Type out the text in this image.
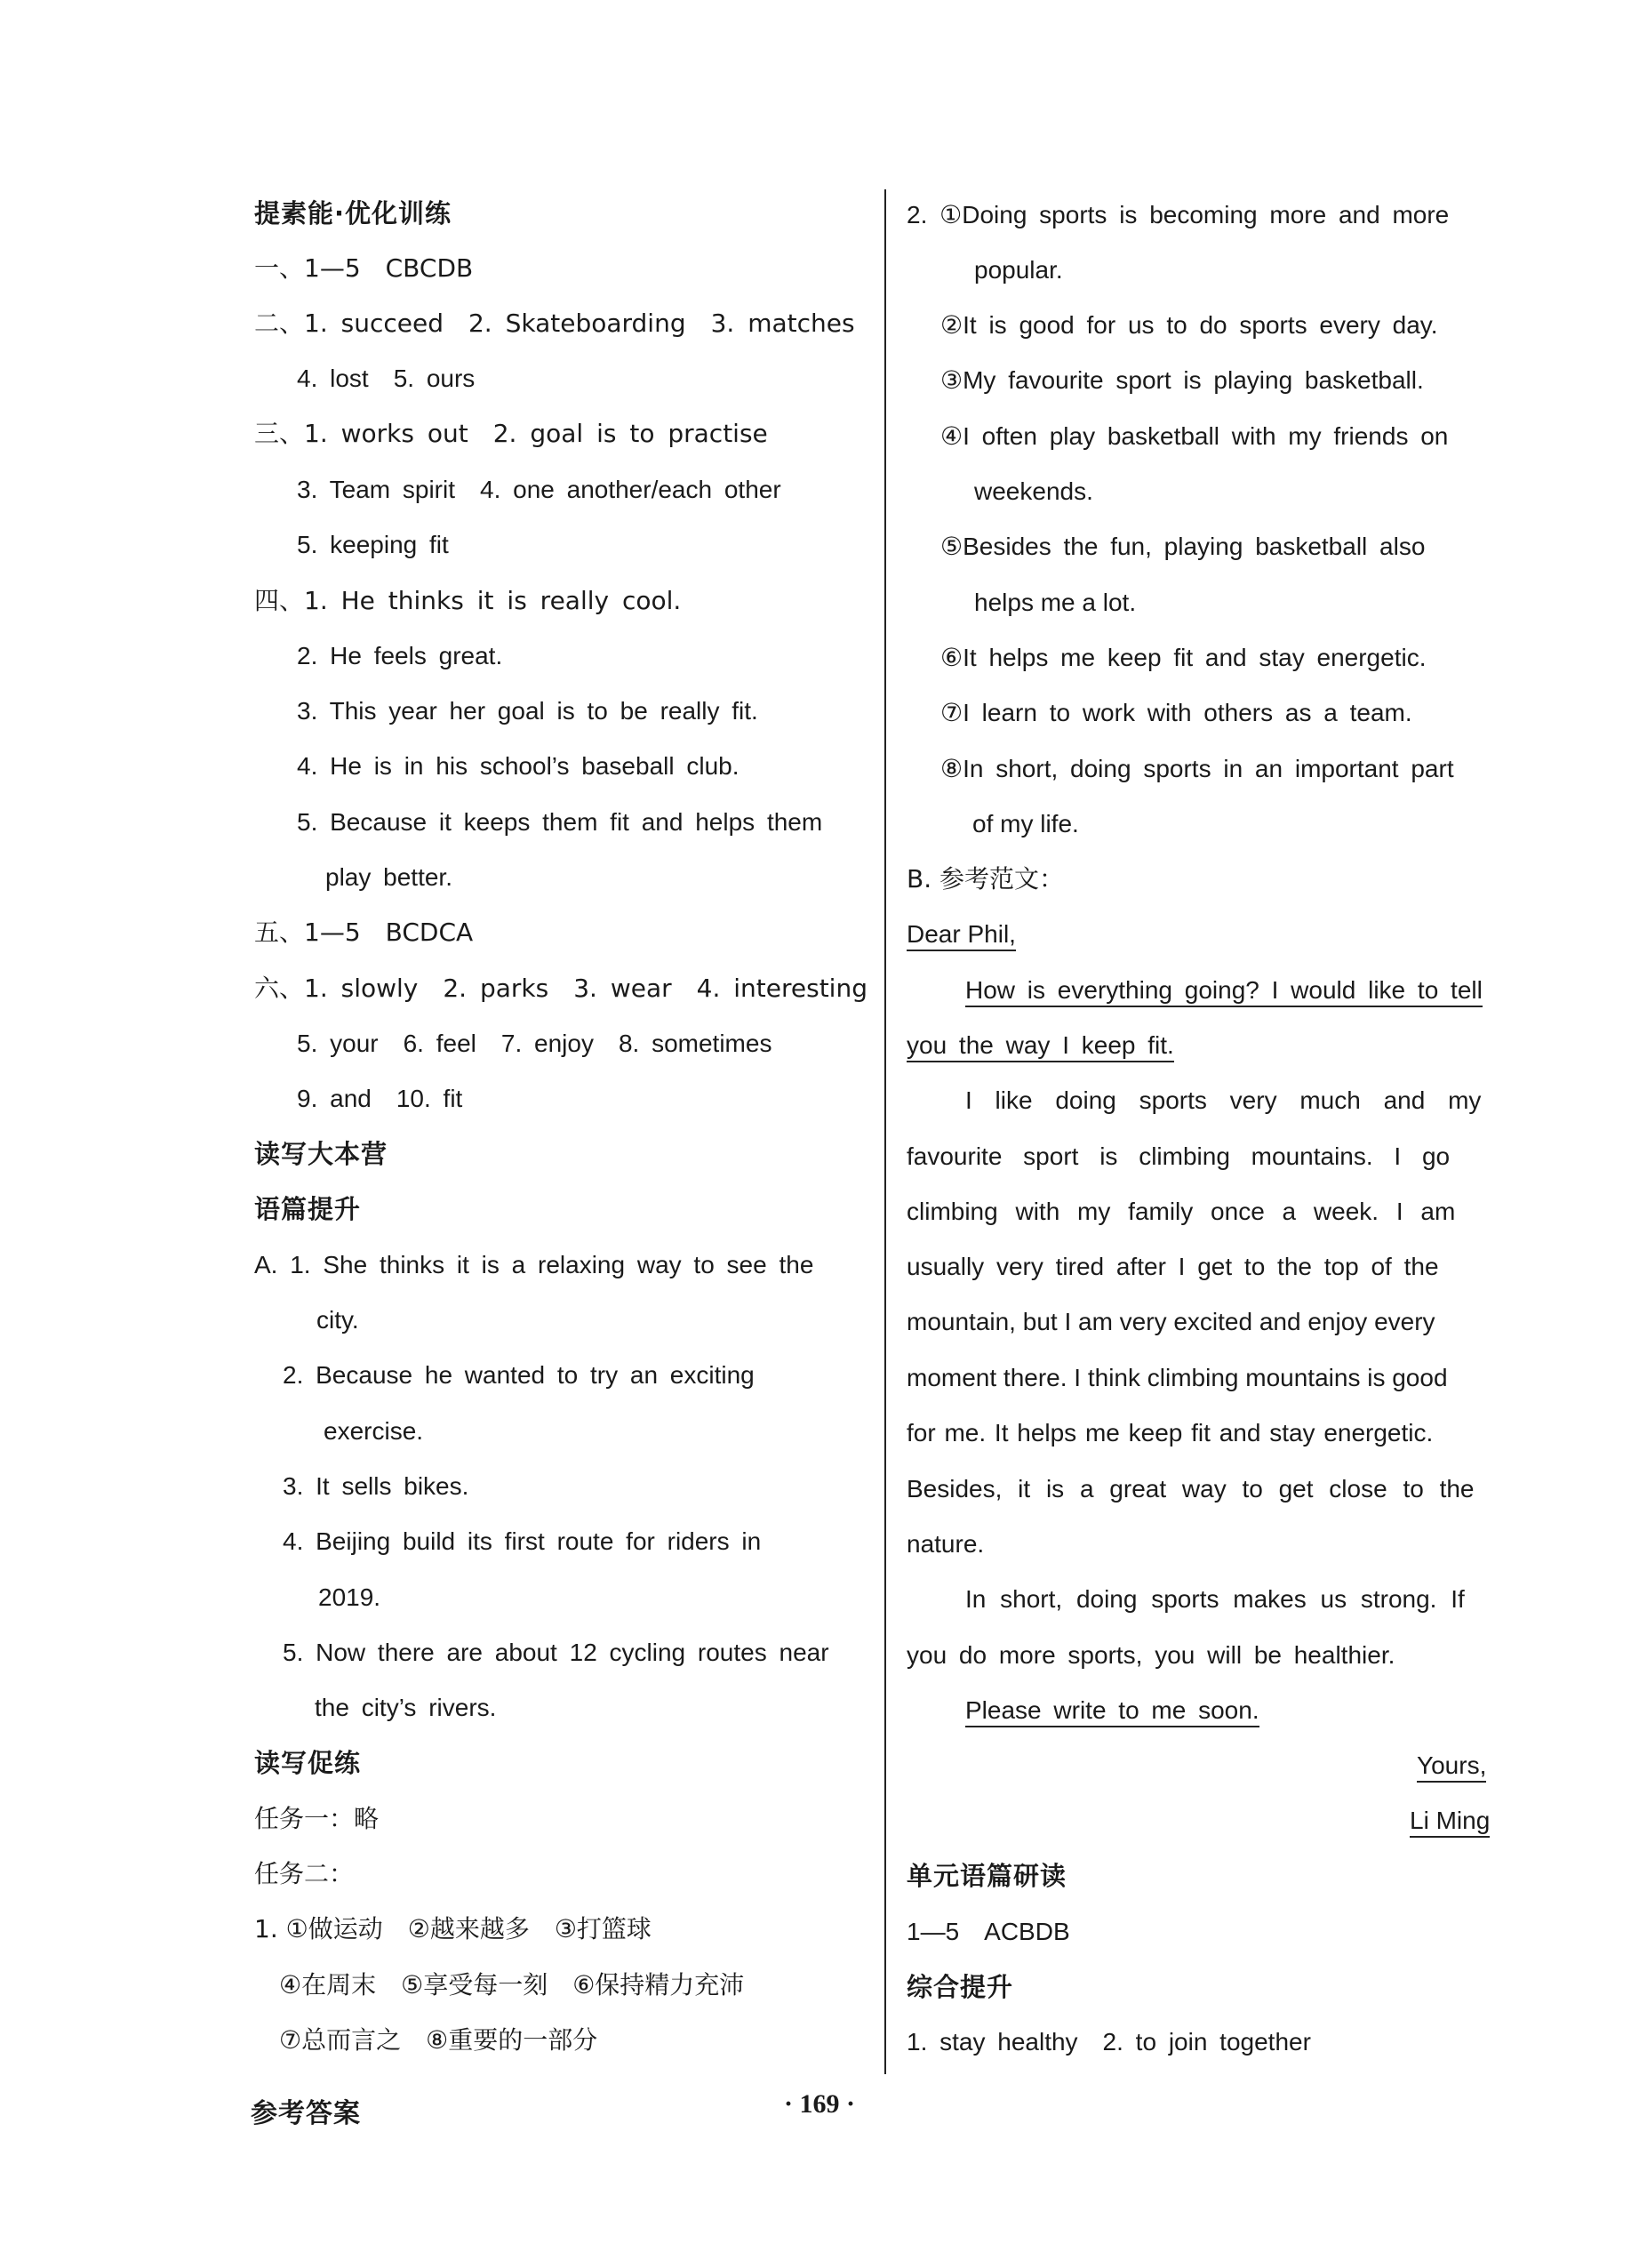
提素能·优化训练
一、1—5　CBCDB
二、1. succeed　2. Skateboarding　3. matches
4. lost　5. ours
三、1. works out　2. goal is to practise
3. Team spirit　4. one another/each other
5. keeping fit
四、1. He thinks it is really cool.
2. He feels great.
3. This year her goal is to be really fit.
4. He is in his school’s baseball club.
5. Because it keeps them fit and helps them
play better.
五、1—5　BCDCA
六、1. slowly　2. parks　3. wear　4. interesting
5. your　6. feel　7. enjoy　8. sometimes
9. and　10. fit
读写大本营
语篇提升
A. 1. She thinks it is a relaxing way to see the
city.
2. Because he wanted to try an exciting
exercise.
3. It sells bikes.
4. Beijing build its first route for riders in
2019.
5. Now there are about 12 cycling routes near
the city’s rivers.
读写促练
任务一：略
任务二：
1. ①做运动　②越来越多　③打篮球
④在周末　⑤享受每一刻　⑥保持精力充沛
⑦总而言之　⑧重要的一部分
2. ①Doing sports is becoming more and more
popular.
②It is good for us to do sports every day.
③My favourite sport is playing basketball.
④I often play basketball with my friends on
weekends.
⑤Besides the fun, playing basketball also
helps me a lot.
⑥It helps me keep fit and stay energetic.
⑦I learn to work with others as a team.
⑧In short, doing sports in an important part
of my life.
B. 参考范文：
Dear Phil,
How is everything going? I would like to tell
you the way I keep fit.
I like doing sports very much and my
favourite sport is climbing mountains. I go
climbing with my family once a week. I am
usually very tired after I get to the top of the
mountain, but I am very excited and enjoy every
moment there. I think climbing mountains is good
for me. It helps me keep fit and stay energetic.
Besides, it is a great way to get close to the
nature.
In short, doing sports makes us strong. If
you do more sports, you will be healthier.
Please write to me soon.
Yours,
Li Ming
单元语篇研读
1—5　ACBDB
综合提升
1. stay healthy　2. to join together
参考答案	· 169 ·
